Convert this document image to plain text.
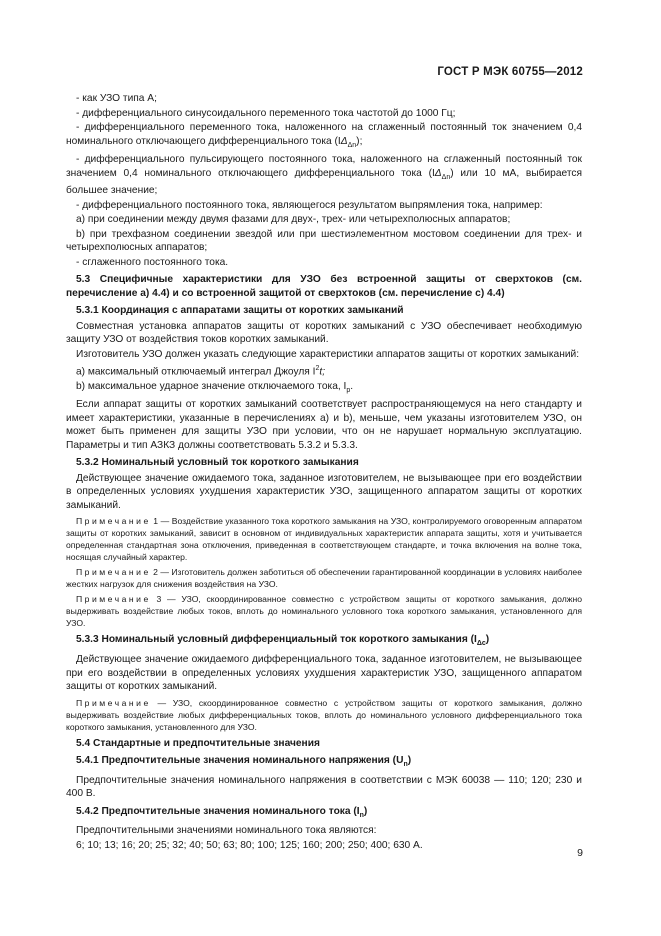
ГОСТ Р МЭК 60755—2012

- как УЗО типа А;

- дифференциального синусоидального переменного тока частотой до 1000 Гц;

- дифференциального переменного тока, наложенного на сглаженный постоянный ток значением 0,4 номинального отключающего дифференциального тока $(I\Delta_{\Delta n})$;

- дифференциального пульсирующего постоянного тока, наложенного на сглаженный постоянный ток значением 0,4 номинального отключающего дифференциального тока $(I\Delta_{\Delta n})$ или 10 мА, выбирается большее значение;

- дифференциального постоянного тока, являющегося результатом выпрямления тока, например:

a) при соединении между двумя фазами для двух-, трех- или четырехполюсных аппаратов;

b) при трехфазном соединении звездой или при шестиэлементном мостовом соединении для трех- и четырехполюсных аппаратов;

- сглаженного постоянного тока.

5.3 Специфичные характеристики для УЗО без встроенной защиты от сверхтоков (см. перечисление а) 4.4) и со встроенной защитой от сверхтоков (см. перечисление с) 4.4)

5.3.1 Координация с аппаратами защиты от коротких замыканий

Совместная установка аппаратов защиты от коротких замыканий с УЗО обеспечивает необходимую защиту УЗО от воздействия токов коротких замыканий.

Изготовитель УЗО должен указать следующие характеристики аппаратов защиты от коротких замыканий:

a) максимальный отключаемый интеграл Джоуля $I^2t$;

b) максимальное ударное значение отключаемого тока, $I_p$.

Если аппарат защиты от коротких замыканий соответствует распространяющемуся на него стандарту и имеет характеристики, указанные в перечислениях а) и b), меньше, чем указаны изготовителем УЗО, он может быть применен для защиты УЗО при условии, что он не нарушает нормальную эксплуатацию. Параметры и тип АЗКЗ должны соответствовать 5.3.2 и 5.3.3.

5.3.2 Номинальный условный ток короткого замыкания

Действующее значение ожидаемого тока, заданное изготовителем, не вызывающее при его воздействии в определенных условиях ухудшения характеристик УЗО, защищенного аппаратом защиты от коротких замыканий.

Примечание 1 — Воздействие указанного тока короткого замыкания на УЗО, контролируемого оговоренным аппаратом защиты от коротких замыканий, зависит в основном от индивидуальных характеристик аппарата защиты, хотя и учитывается определенная стандартная зона отключения, приведенная в соответствующем стандарте, и точка включения на волне тока, носящая случайный характер.

Примечание 2 — Изготовитель должен заботиться об обеспечении гарантированной координации в условиях наиболее жестких нагрузок для снижения воздействия на УЗО.

Примечание 3 — УЗО, скоординированное совместно с устройством защиты от короткого замыкания, должно выдерживать воздействие любых токов, вплоть до номинального условного тока короткого замыкания, установленного для УЗО.

5.3.3 Номинальный условный дифференциальный ток короткого замыкания $(I_{\Delta c})$

Действующее значение ожидаемого дифференциального тока, заданное изготовителем, не вызывающее при его воздействии в определенных условиях ухудшения характеристик УЗО, защищенного аппаратом защиты от коротких замыканий.

Примечание — УЗО, скоординированное совместно с устройством защиты от короткого замыкания, должно выдерживать воздействие любых дифференциальных токов, вплоть до номинального условного дифференциального тока короткого замыкания, установленного для УЗО.

5.4 Стандартные и предпочтительные значения

5.4.1 Предпочтительные значения номинального напряжения $(U_n)$

Предпочтительные значения номинального напряжения в соответствии с МЭК 60038 — 110; 120; 230 и 400 В.

5.4.2 Предпочтительные значения номинального тока $(I_n)$

Предпочтительными значениями номинального тока являются:

6; 10; 13; 16; 20; 25; 32; 40; 50; 63; 80; 100; 125; 160; 200; 250; 400; 630 А.

9
